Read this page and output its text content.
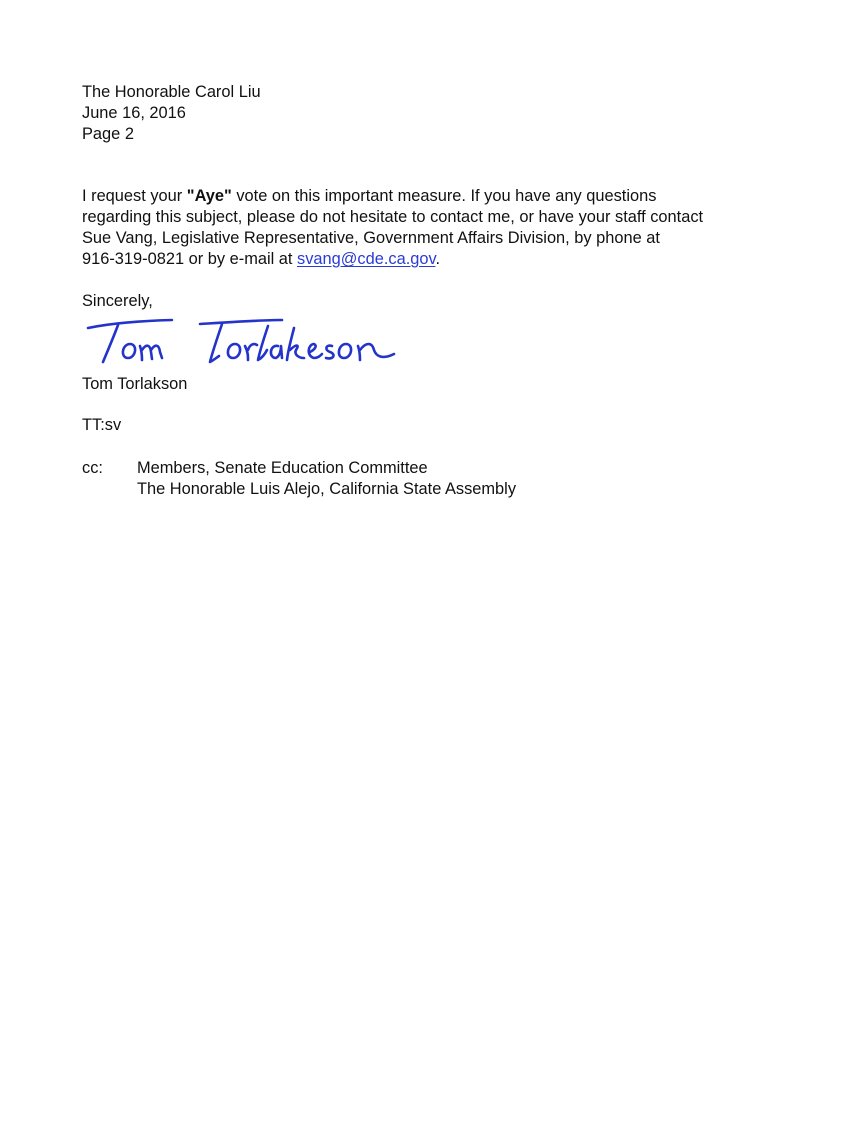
The Honorable Carol Liu
June 16, 2016
Page 2
I request your "Aye" vote on this important measure. If you have any questions
regarding this subject, please do not hesitate to contact me, or have your staff contact
Sue Vang, Legislative Representative, Government Affairs Division, by phone at
916-319-0821 or by e-mail at svang@cde.ca.gov.
Sincerely,
Tom Torlakson
TT:sv
cc: Members, Senate Education Committee
The Honorable Luis Alejo, California State Assembly
